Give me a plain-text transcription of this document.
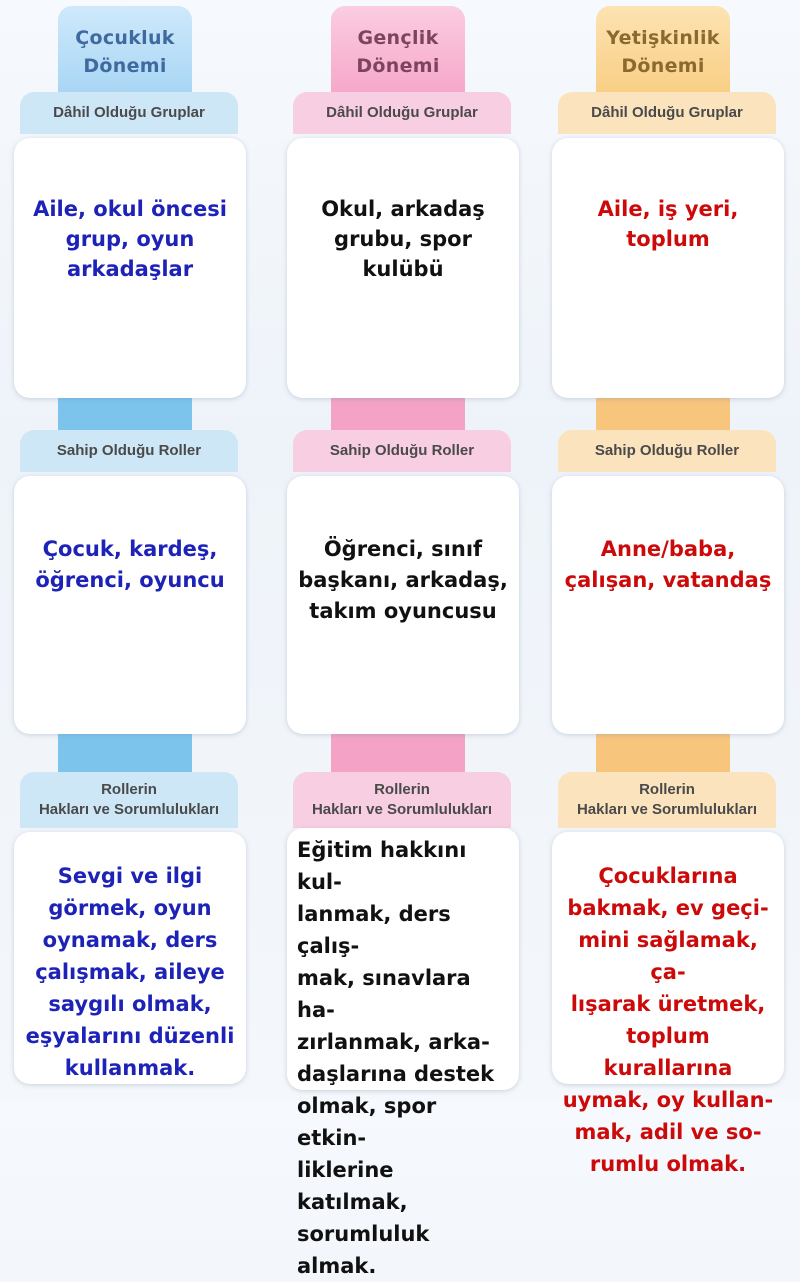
Çocukluk
Dönemi
Dâhil Olduğu Gruplar
Aile, okul öncesi
grup, oyun
arkadaşlar
Sahip Olduğu Roller
Çocuk, kardeş,
öğrenci, oyuncu
Rollerin
Hakları ve Sorumlulukları
Sevgi ve ilgi
görmek, oyun
oynamak, ders
çalışmak, aileye
saygılı olmak,
eşyalarını düzenli
kullanmak.
Gençlik
Dönemi
Dâhil Olduğu Gruplar
Okul, arkadaş
grubu, spor
kulübü
Sahip Olduğu Roller
Öğrenci, sınıf
başkanı, arkadaş,
takım oyuncusu
Rollerin
Hakları ve Sorumlulukları
Eğitim hakkını kul-
lanmak, ders çalış-
mak, sınavlara ha-
zırlanmak, arka-
daşlarına destek
olmak, spor etkin-
liklerine katılmak,
sorumluluk almak.
Yetişkinlik
Dönemi
Dâhil Olduğu Gruplar
Aile, iş yeri, toplum
Sahip Olduğu Roller
Anne/baba,
çalışan, vatandaş
Rollerin
Hakları ve Sorumlulukları
Çocuklarına
bakmak, ev geçi-
mini sağlamak, ça-
lışarak üretmek,
toplum kurallarına
uymak, oy kullan-
mak, adil ve so-
rumlu olmak.
